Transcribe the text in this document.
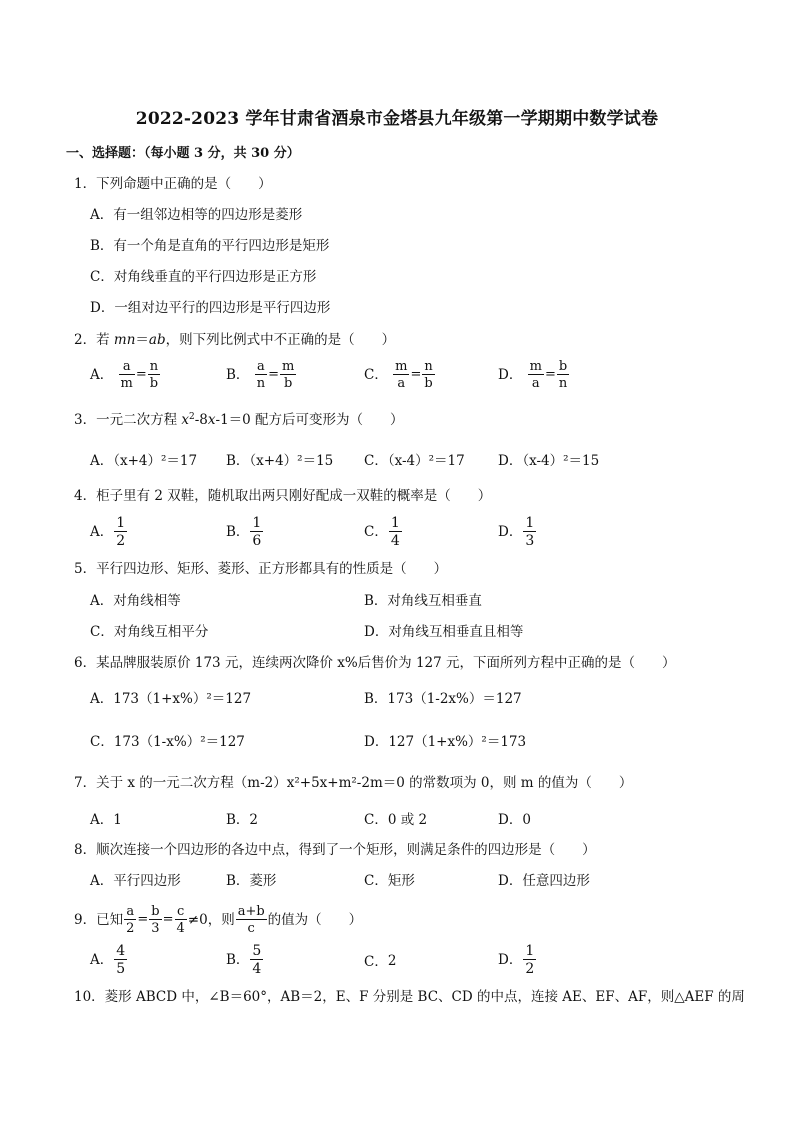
2022-2023 学年甘肃省酒泉市金塔县九年级第一学期期中数学试卷
一、选择题：（每小题 3 分，共 30 分）
1．下列命题中正确的是（　　）
A．有一组邻边相等的四边形是菱形
B．有一个角是直角的平行四边形是矩形
C．对角线垂直的平行四边形是正方形
D．一组对边平行的四边形是平行四边形
2．若 mn＝ab，则下列比例式中不正确的是（　　）
A． $\frac{a}{m} = \frac{n}{b}$	B． $\frac{a}{n} = \frac{m}{b}$	C． $\frac{m}{a} = \frac{n}{b}$	D． $\frac{m}{a} = \frac{b}{n}$
3．一元二次方程 $x^2-8x-1=0$ 配方后可变形为（　　）
A．（x+4）²＝17 B．（x+4）²＝15 C．（x-4）²＝17 D．（x-4）²＝15
4．柜子里有 2 双鞋，随机取出两只刚好配成一双鞋的概率是（　　）
A． $\frac{1}{2}$	B． $\frac{1}{6}$	C． $\frac{1}{4}$	D． $\frac{1}{3}$
5．平行四边形、矩形、菱形、正方形都具有的性质是（　　）
A．对角线相等	B．对角线互相垂直
C．对角线互相平分	D．对角线互相垂直且相等
6．某品牌服装原价 173 元，连续两次降价 x%后售价为 127 元，下面所列方程中正确的是（　　）
A．173（1+x%）²＝127	B．173（1-2x%）＝127
C．173（1-x%）²＝127	D．127（1+x%）²＝173
7．关于 x 的一元二次方程（m-2）x²+5x+m²-2m＝0 的常数项为 0，则 m 的值为（　　）
A．1	B．2	C．0 或 2	D．0
8．顺次连接一个四边形的各边中点，得到了一个矩形，则满足条件的四边形是（　　）
A．平行四边形	B．菱形	C．矩形	D．任意四边形
9．已知 $\frac{a}{2} = \frac{b}{3} = \frac{c}{4} \ne 0$，则 $\frac{a+b}{c}$ 的值为（　　）
A． $\frac{4}{5}$	B． $\frac{5}{4}$	C．2	D． $\frac{1}{2}$
10．菱形 ABCD 中，∠B＝60°，AB＝2，E、F 分别是 BC、CD 的中点，连接 AE、EF、AF，则△AEF 的周
